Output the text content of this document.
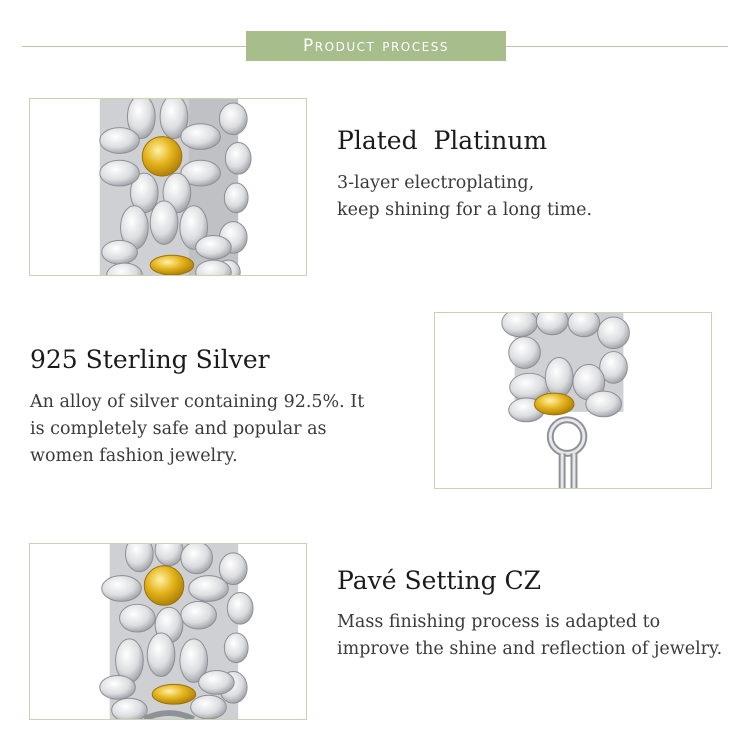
Product process
Plated  Platinum
3-layer electroplating,
keep shining for a long time.
925 Sterling Silver
An alloy of silver containing 92.5%. It
is completely safe and popular as
women fashion jewelry.
Pavé Setting CZ
Mass finishing process is adapted to
improve the shine and reflection of jewelry.
